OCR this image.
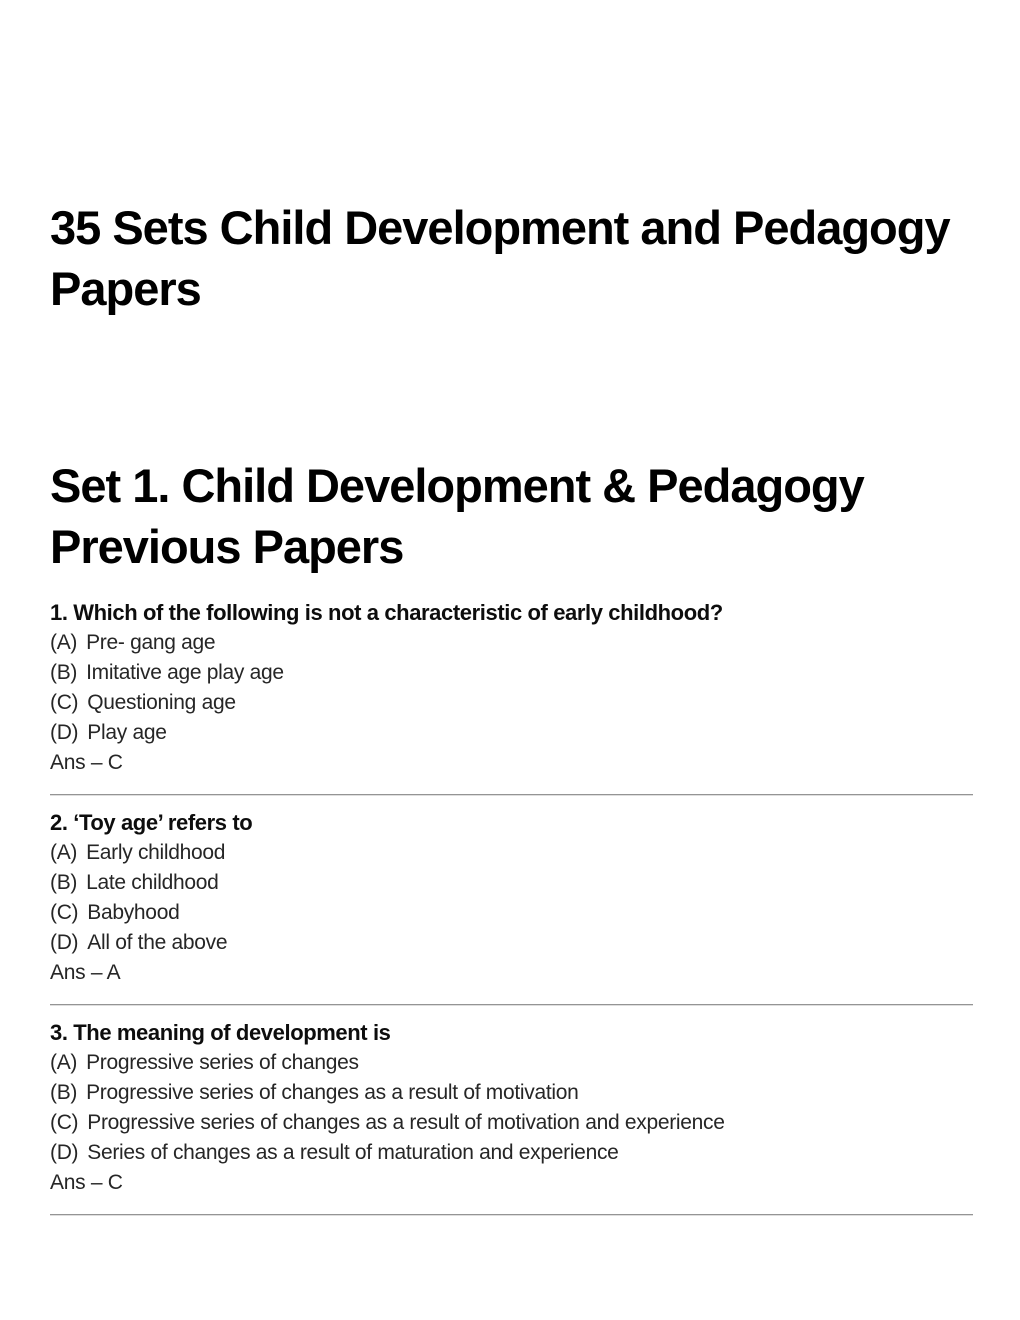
35 Sets Child Development and Pedagogy Papers
Set 1. Child Development & Pedagogy Previous Papers
1. Which of the following is not a characteristic of early childhood?
(A) Pre- gang age
(B) Imitative age play age
(C) Questioning age
(D) Play age
Ans – C
2. ‘Toy age’ refers to
(A) Early childhood
(B) Late childhood
(C) Babyhood
(D) All of the above
Ans – A
3. The meaning of development is
(A) Progressive series of changes
(B) Progressive series of changes as a result of motivation
(C) Progressive series of changes as a result of motivation and experience
(D) Series of changes as a result of maturation and experience
Ans – C
